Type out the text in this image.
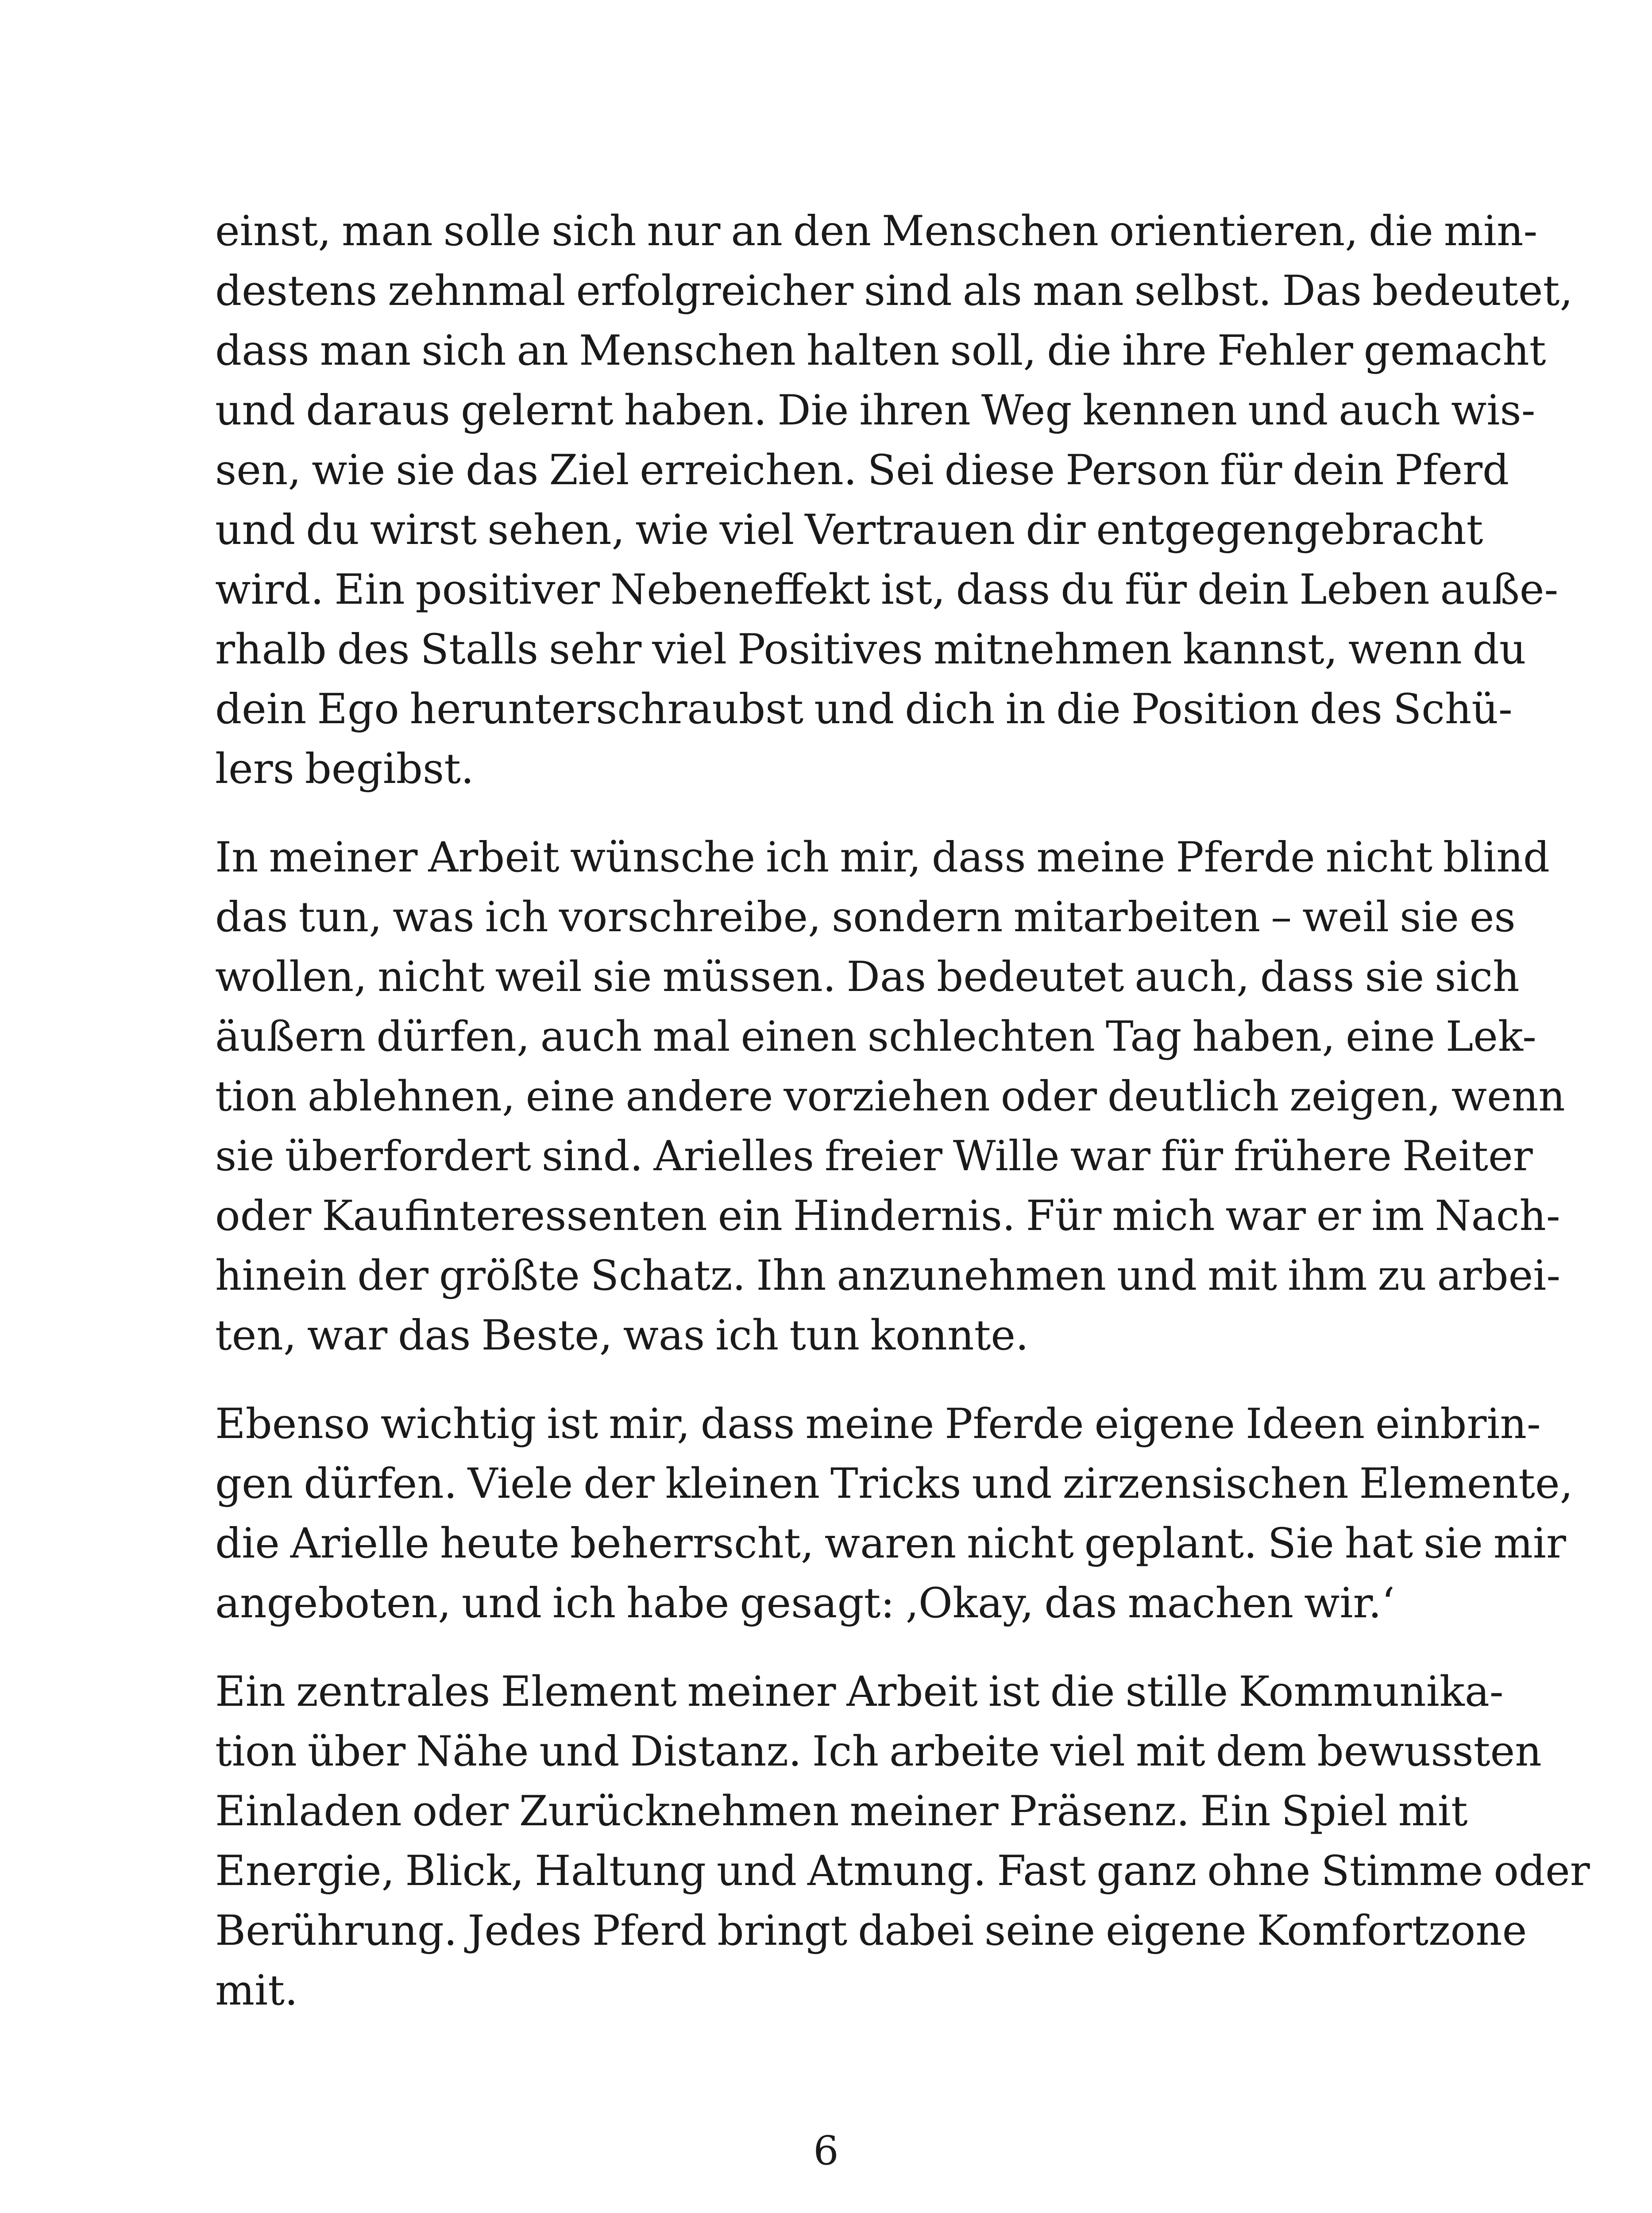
einst, man solle sich nur an den Menschen orientieren, die min-
destens zehnmal erfolgreicher sind als man selbst. Das bedeutet,
dass man sich an Menschen halten soll, die ihre Fehler gemacht
und daraus gelernt haben. Die ihren Weg kennen und auch wis-
sen, wie sie das Ziel erreichen. Sei diese Person für dein Pferd
und du wirst sehen, wie viel Vertrauen dir entgegengebracht
wird. Ein positiver Nebeneffekt ist, dass du für dein Leben auße-
rhalb des Stalls sehr viel Positives mitnehmen kannst, wenn du
dein Ego herunterschraubst und dich in die Position des Schü-
lers begibst.

In meiner Arbeit wünsche ich mir, dass meine Pferde nicht blind
das tun, was ich vorschreibe, sondern mitarbeiten – weil sie es
wollen, nicht weil sie müssen. Das bedeutet auch, dass sie sich
äußern dürfen, auch mal einen schlechten Tag haben, eine Lek-
tion ablehnen, eine andere vorziehen oder deutlich zeigen, wenn
sie überfordert sind. Arielles freier Wille war für frühere Reiter
oder Kaufinteressenten ein Hindernis. Für mich war er im Nach-
hinein der größte Schatz. Ihn anzunehmen und mit ihm zu arbei-
ten, war das Beste, was ich tun konnte.

Ebenso wichtig ist mir, dass meine Pferde eigene Ideen einbrin-
gen dürfen. Viele der kleinen Tricks und zirzensischen Elemente,
die Arielle heute beherrscht, waren nicht geplant. Sie hat sie mir
angeboten, und ich habe gesagt: ‚Okay, das machen wir.‘

Ein zentrales Element meiner Arbeit ist die stille Kommunika-
tion über Nähe und Distanz. Ich arbeite viel mit dem bewussten
Einladen oder Zurücknehmen meiner Präsenz. Ein Spiel mit
Energie, Blick, Haltung und Atmung. Fast ganz ohne Stimme oder
Berührung. Jedes Pferd bringt dabei seine eigene Komfortzone
mit.

6
